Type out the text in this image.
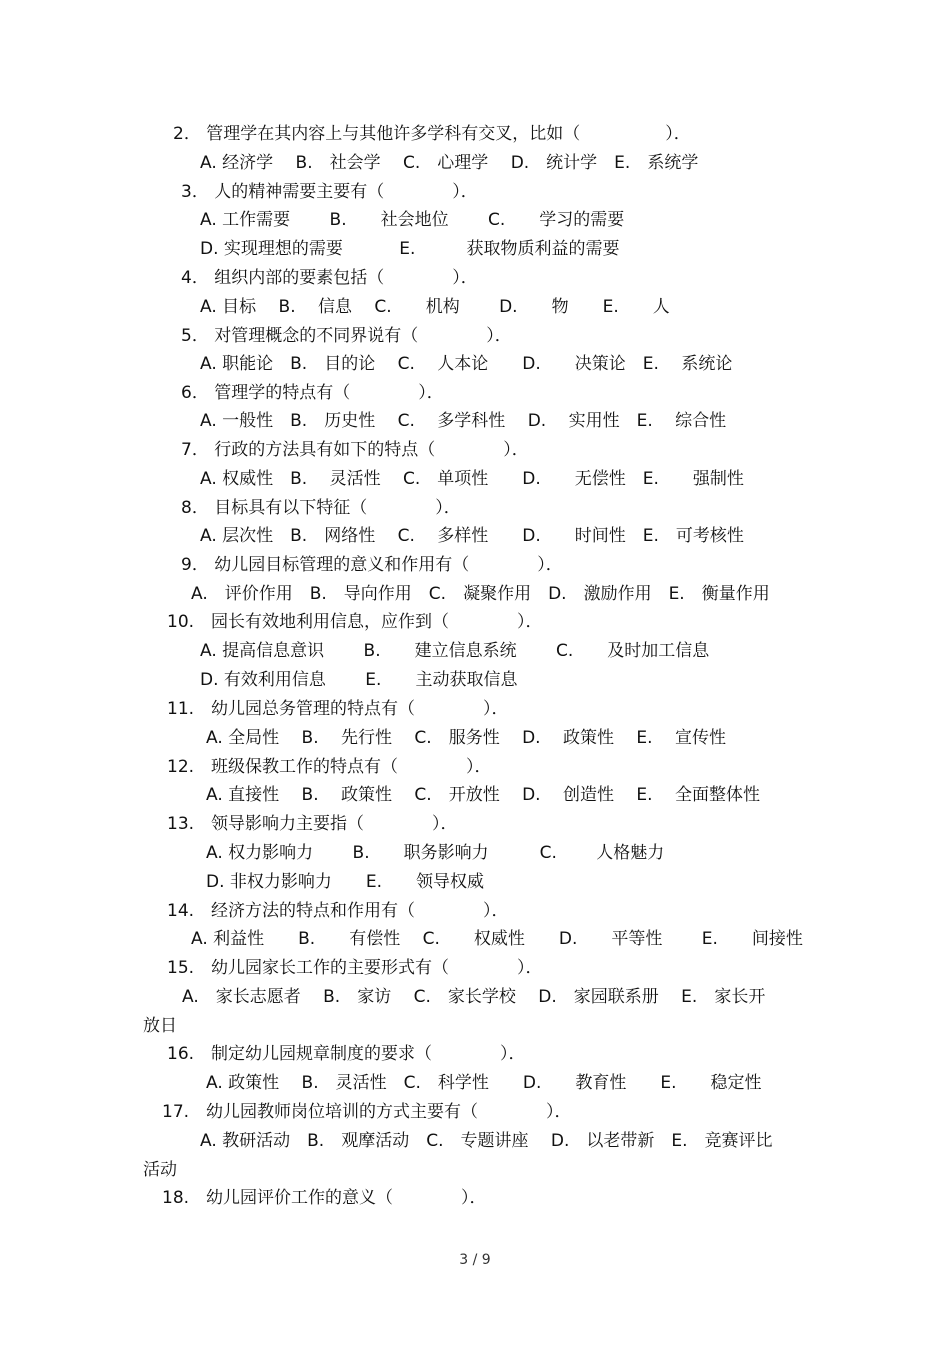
2． 管理学在其内容上与其他许多学科有交叉，比如（　　　　　）．
A. 经济学　 B.　社会学　 C.　心理学　 D.　统计学　E.　系统学
3． 人的精神需要主要有（　　　　）．
A. 工作需要　　 B.　　社会地位　　 C.　　学习的需要
D. 实现理想的需要　　　 E.　　　获取物质利益的需要
4． 组织内部的要素包括（　　　　）．
A. 目标　 B.　 信息　 C.　　机构　　 D.　　物　　E.　　人
5． 对管理概念的不同界说有（　　　　）．
A. 职能论　B.　目的论　 C.　 人本论　　D.　　决策论　E.　 系统论
6． 管理学的特点有（　　　　）．
A. 一般性　B.　历史性　 C.　 多学科性　 D.　 实用性　E.　 综合性
7． 行政的方法具有如下的特点（　　　　）．
A. 权威性　B.　 灵活性　 C.　单项性　　D.　　无偿性　E.　　强制性
8． 目标具有以下特征（　　　　）．
A. 层次性　B.　网络性　 C.　 多样性　　D.　　时间性　E.　可考核性
9． 幼儿园目标管理的意义和作用有（　　　　）．
A.　评价作用　B.　导向作用　C.　凝聚作用　D.　激励作用　E.　衡量作用
10.　园长有效地利用信息，应作到（　　　　）．
A. 提高信息意识　　 B.　　建立信息系统　　 C.　　及时加工信息
D. 有效利用信息　　 E.　　主动获取信息
11.　幼儿园总务管理的特点有（　　　　）．
A. 全局性　 B.　 先行性　 C.　服务性　 D.　 政策性　 E.　 宣传性
12.　班级保教工作的特点有（　　　　）．
A. 直接性　 B.　 政策性　 C.　开放性　 D.　 创造性　 E.　 全面整体性
13.　领导影响力主要指（　　　　）．
A. 权力影响力　　 B.　　职务影响力　　　C.　　 人格魅力
D. 非权力影响力　　E.　　领导权威
14.　经济方法的特点和作用有（　　　　）．
A. 利益性　　B.　　有偿性　 C.　　权威性　　D.　　平等性　　 E.　　间接性
15.　幼儿园家长工作的主要形式有（　　　　）．
A.　家长志愿者　 B.　家访　 C.　家长学校　 D.　家园联系册　 E.　家长开
放日
16.　制定幼儿园规章制度的要求（　　　　）．
A. 政策性　 B.　灵活性　C.　科学性　　D.　　教育性　　E.　　稳定性
17.　幼儿园教师岗位培训的方式主要有（　　　　）．
A. 教研活动　B.　观摩活动　C.　专题讲座　 D.　以老带新　E.　竞赛评比
活动
18.　幼儿园评价工作的意义（　　　　）．
3 / 9
